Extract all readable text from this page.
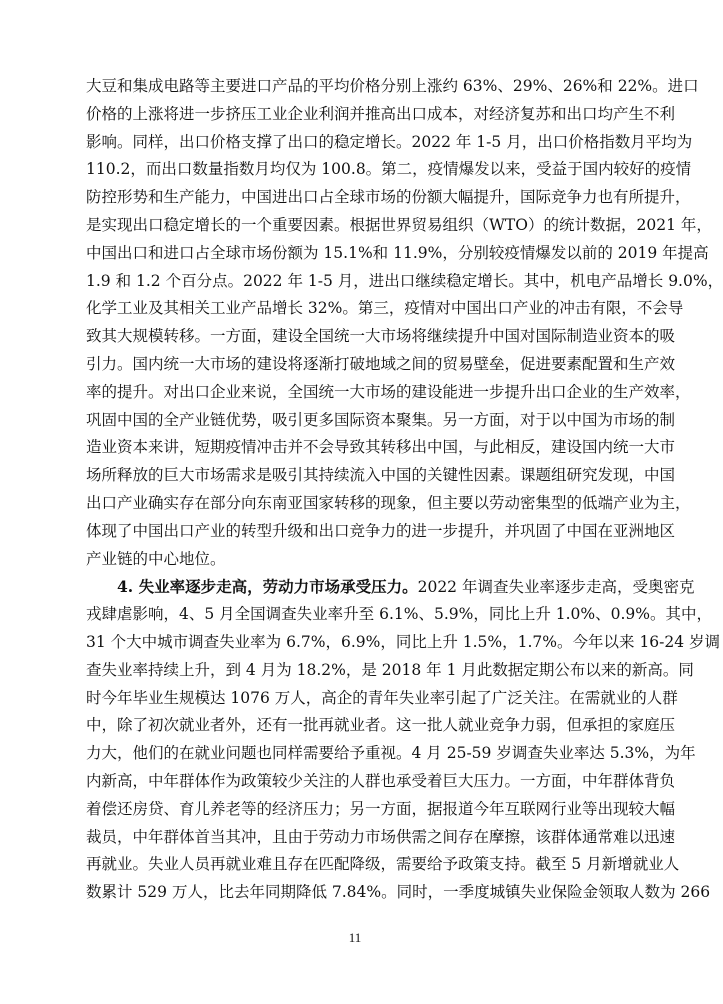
大豆和集成电路等主要进口产品的平均价格分别上涨约 63%、29%、26%和 22%。进口
价格的上涨将进一步挤压工业企业利润并推高出口成本，对经济复苏和出口均产生不利
影响。同样，出口价格支撑了出口的稳定增长。2022 年 1-5 月，出口价格指数月平均为
110.2，而出口数量指数月均仅为 100.8。第二，疫情爆发以来，受益于国内较好的疫情
防控形势和生产能力，中国进出口占全球市场的份额大幅提升，国际竞争力也有所提升，
是实现出口稳定增长的一个重要因素。根据世界贸易组织（WTO）的统计数据，2021 年，
中国出口和进口占全球市场份额为 15.1%和 11.9%，分别较疫情爆发以前的 2019 年提高
1.9 和 1.2 个百分点。2022 年 1-5 月，进出口继续稳定增长。其中，机电产品增长 9.0%，
化学工业及其相关工业产品增长 32%。第三，疫情对中国出口产业的冲击有限，不会导
致其大规模转移。一方面，建设全国统一大市场将继续提升中国对国际制造业资本的吸
引力。国内统一大市场的建设将逐渐打破地域之间的贸易壁垒，促进要素配置和生产效
率的提升。对出口企业来说，全国统一大市场的建设能进一步提升出口企业的生产效率，
巩固中国的全产业链优势，吸引更多国际资本聚集。另一方面，对于以中国为市场的制
造业资本来讲，短期疫情冲击并不会导致其转移出中国，与此相反，建设国内统一大市
场所释放的巨大市场需求是吸引其持续流入中国的关键性因素。课题组研究发现，中国
出口产业确实存在部分向东南亚国家转移的现象，但主要以劳动密集型的低端产业为主，
体现了中国出口产业的转型升级和出口竞争力的进一步提升，并巩固了中国在亚洲地区
产业链的中心地位。
4. 失业率逐步走高，劳动力市场承受压力。2022 年调查失业率逐步走高，受奥密克
戎肆虐影响，4、5 月全国调查失业率升至 6.1%、5.9%，同比上升 1.0%、0.9%。其中，
31 个大中城市调查失业率为 6.7%，6.9%，同比上升 1.5%，1.7%。今年以来 16-24 岁调
查失业率持续上升，到 4 月为 18.2%，是 2018 年 1 月此数据定期公布以来的新高。同
时今年毕业生规模达 1076 万人，高企的青年失业率引起了广泛关注。在需就业的人群
中，除了初次就业者外，还有一批再就业者。这一批人就业竞争力弱，但承担的家庭压
力大，他们的在就业问题也同样需要给予重视。4 月 25-59 岁调查失业率达 5.3%，为年
内新高，中年群体作为政策较少关注的人群也承受着巨大压力。一方面，中年群体背负
着偿还房贷、育儿养老等的经济压力；另一方面，据报道今年互联网行业等出现较大幅
裁员，中年群体首当其冲，且由于劳动力市场供需之间存在摩擦，该群体通常难以迅速
再就业。失业人员再就业难且存在匹配降级，需要给予政策支持。截至 5 月新增就业人
数累计 529 万人，比去年同期降低 7.84%。同时，一季度城镇失业保险金领取人数为 266
11
